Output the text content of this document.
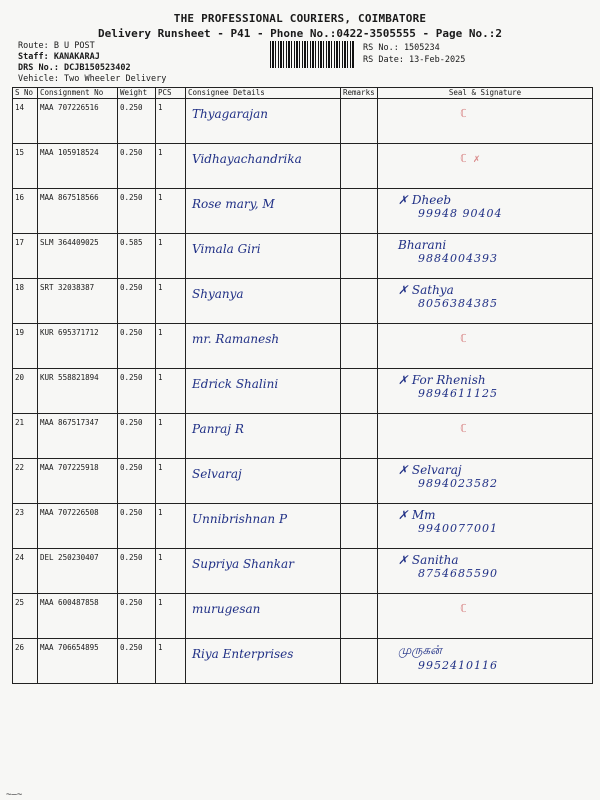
THE PROFESSIONAL COURIERS, COIMBATORE
Delivery Runsheet - P41 - Phone No.:0422-3505555 - Page No.:2
Route: B U POST
Staff: KANAKARAJ
DRS No.: DCJB150523402
Vehicle: Two Wheeler Delivery
RS No.: 1505234
RS Date: 13-Feb-2025
S No	Consignment No	Weight	PCS	Consignee Details	Remarks	Seal & Signature
14	MAA 707226516	0.250	1	Thyagarajan		ℂ

15	MAA 105918524	0.250	1	Vidhayachandrika		ℂ ✗

16	MAA 867518566	0.250	1	Rose mary, M		✗ Dheeb
99948 90404

17	SLM 364409025	0.585	1	Vimala Giri		Bharani
9884004393

18	SRT 32038387	0.250	1	Shyanya		✗ Sathya
8056384385

19	KUR 695371712	0.250	1	mr. Ramanesh		ℂ

20	KUR 558821894	0.250	1	Edrick Shalini		✗ For Rhenish
9894611125

21	MAA 867517347	0.250	1	Panraj R		ℂ

22	MAA 707225918	0.250	1	Selvaraj		✗ Selvaraj
9894023582

23	MAA 707226508	0.250	1	Unnibrishnan P		✗ Mm
9940077001

24	DEL 250230407	0.250	1	Supriya Shankar		✗ Sanitha
8754685590

25	MAA 600487858	0.250	1	murugesan		ℂ

26	MAA 706654895	0.250	1	Riya Enterprises		முருகன்
9952410116
~—~
